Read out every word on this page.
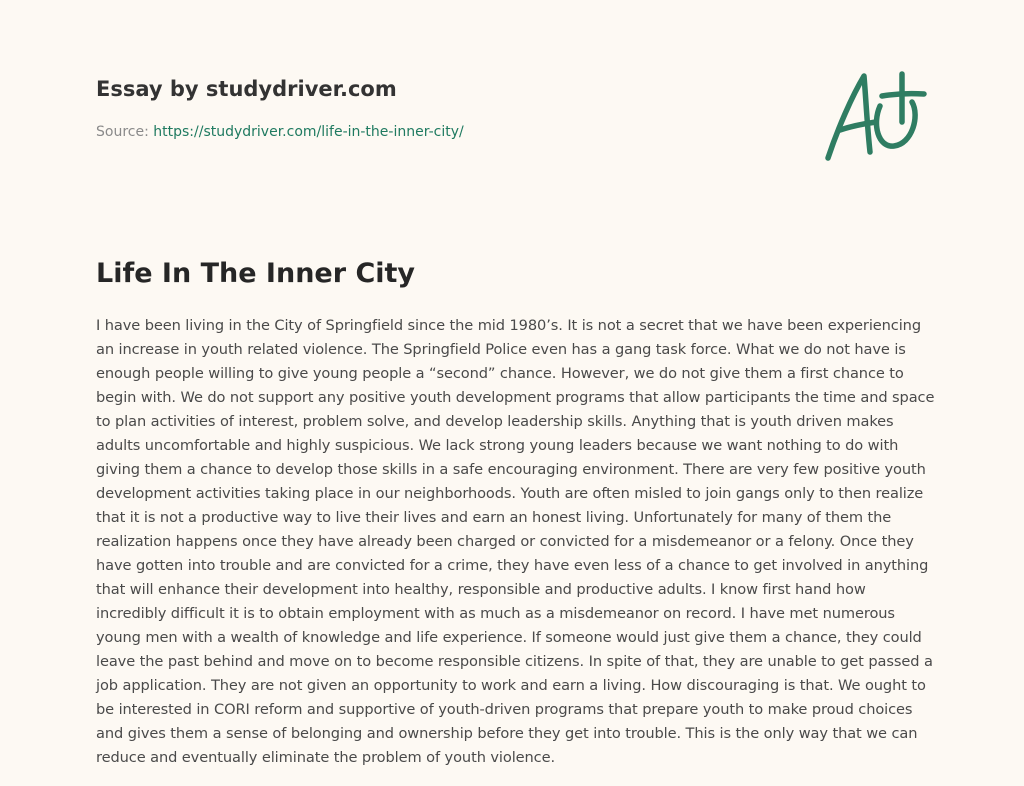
Essay by studydriver.com
Source: https://studydriver.com/life-in-the-inner-city/
Life In The Inner City

I have been living in the City of Springfield since the mid 1980’s. It is not a secret that we have been experiencing an increase in youth related violence. The Springfield Police even has a gang task force. What we do not have is enough people willing to give young people a “second” chance. However, we do not give them a first chance to begin with. We do not support any positive youth development programs that allow participants the time and space to plan activities of interest, problem solve, and develop leadership skills. Anything that is youth driven makes adults uncomfortable and highly suspicious. We lack strong young leaders because we want nothing to do with giving them a chance to develop those skills in a safe encouraging environment. There are very few positive youth development activities taking place in our neighborhoods. Youth are often misled to join gangs only to then realize that it is not a productive way to live their lives and earn an honest living. Unfortunately for many of them the realization happens once they have already been charged or convicted for a misdemeanor or a felony. Once they have gotten into trouble and are convicted for a crime, they have even less of a chance to get involved in anything that will enhance their development into healthy, responsible and productive adults. I know first hand how incredibly difficult it is to obtain employment with as much as a misdemeanor on record. I have met numerous young men with a wealth of knowledge and life experience. If someone would just give them a chance, they could leave the past behind and move on to become responsible citizens. In spite of that, they are unable to get passed a job application. They are not given an opportunity to work and earn a living. How discouraging is that. We ought to be interested in CORI reform and supportive of youth-driven programs that prepare youth to make proud choices and gives them a sense of belonging and ownership before they get into trouble. This is the only way that we can reduce and eventually eliminate the problem of youth violence.
